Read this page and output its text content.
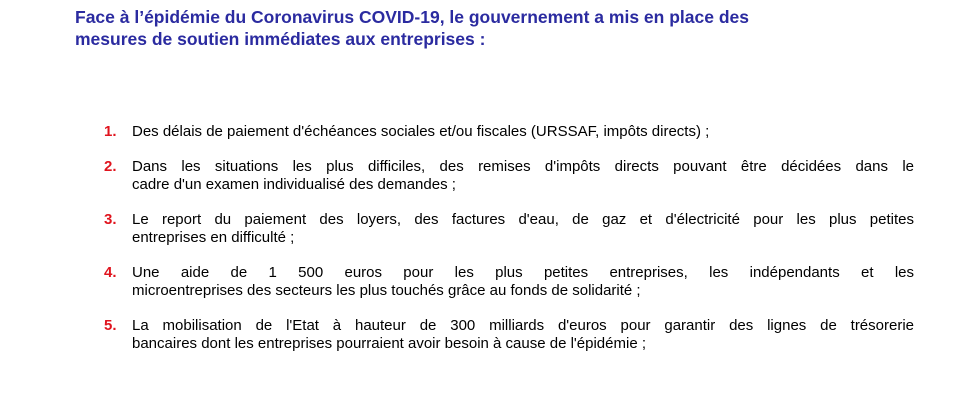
Face à l’épidémie du Coronavirus COVID-19, le gouvernement a mis en place des
mesures de soutien immédiates aux entreprises :
1.	Des délais de paiement d'échéances sociales et/ou fiscales (URSSAF, impôts directs) ;
2.	Dans les situations les plus difficiles, des remises d'impôts directs pouvant être décidées dans le
cadre d'un examen individualisé des demandes ;
3.	Le report du paiement des loyers, des factures d'eau, de gaz et d'électricité pour les plus petites
entreprises en difficulté ;
4.	Une aide de 1 500 euros pour les plus petites entreprises, les indépendants et les
microentreprises des secteurs les plus touchés grâce au fonds de solidarité ;
5.	La mobilisation de l'Etat à hauteur de 300 milliards d'euros pour garantir des lignes de trésorerie
bancaires dont les entreprises pourraient avoir besoin à cause de l'épidémie ;
